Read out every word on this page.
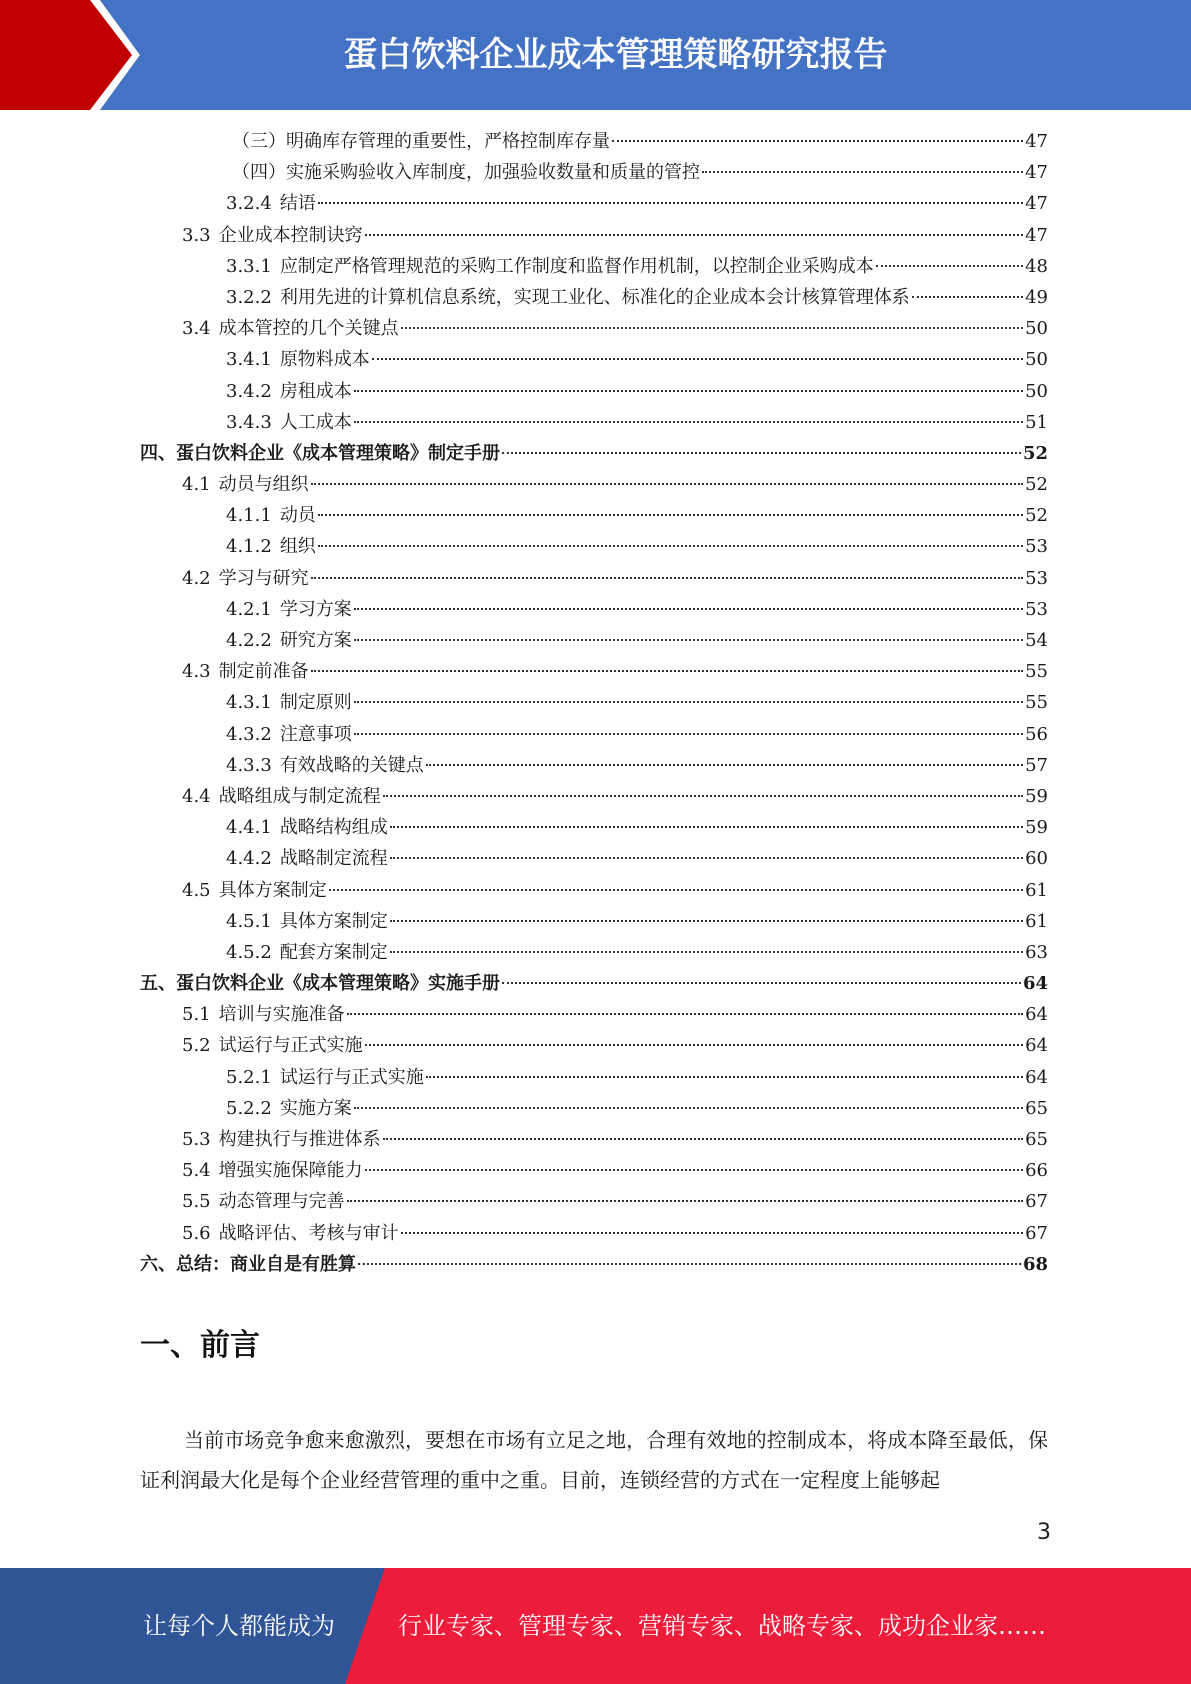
蛋白饮料企业成本管理策略研究报告
（三）明确库存管理的重要性，严格控制库存量	47
（四）实施采购验收入库制度，加强验收数量和质量的管控	47
3.2.4 结语	47
3.3 企业成本控制诀窍	47
3.3.1 应制定严格管理规范的采购工作制度和监督作用机制，以控制企业采购成本	48
3.2.2 利用先进的计算机信息系统，实现工业化、标准化的企业成本会计核算管理体系	49
3.4 成本管控的几个关键点	50
3.4.1 原物料成本	50
3.4.2 房租成本	50
3.4.3 人工成本	51
四、蛋白饮料企业《成本管理策略》制定手册	52
4.1 动员与组织	52
4.1.1 动员	52
4.1.2 组织	53
4.2 学习与研究	53
4.2.1 学习方案	53
4.2.2 研究方案	54
4.3 制定前准备	55
4.3.1 制定原则	55
4.3.2 注意事项	56
4.3.3 有效战略的关键点	57
4.4 战略组成与制定流程	59
4.4.1 战略结构组成	59
4.4.2 战略制定流程	60
4.5 具体方案制定	61
4.5.1 具体方案制定	61
4.5.2 配套方案制定	63
五、蛋白饮料企业《成本管理策略》实施手册	64
5.1 培训与实施准备	64
5.2 试运行与正式实施	64
5.2.1 试运行与正式实施	64
5.2.2 实施方案	65
5.3 构建执行与推进体系	65
5.4 增强实施保障能力	66
5.5 动态管理与完善	67
5.6 战略评估、考核与审计	67
六、总结：商业自是有胜算	68
一、前言

当前市场竞争愈来愈激烈，要想在市场有立足之地，合理有效地的控制成本，将成本降至最低，保证利润最大化是每个企业经营管理的重中之重。目前，连锁经营的方式在一定程度上能够起

3
让每个人都能成为	行业专家、管理专家、营销专家、战略专家、成功企业家……
